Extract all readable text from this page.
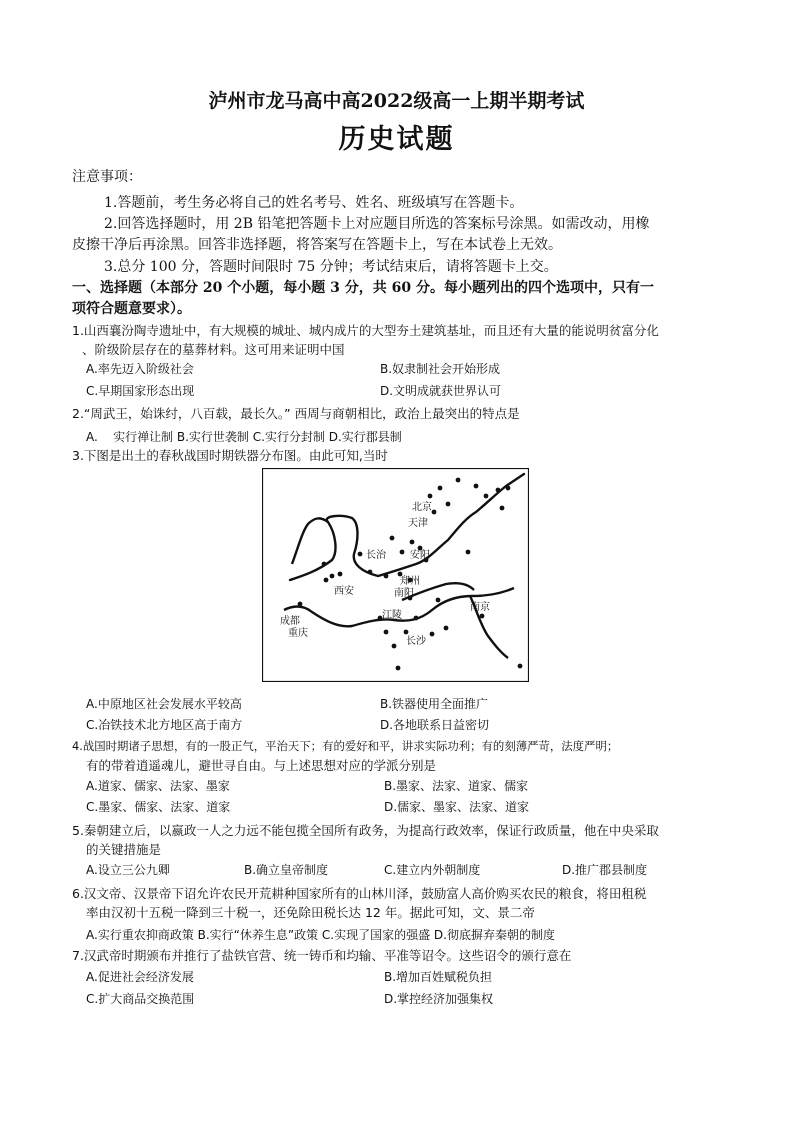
泸州市龙马高中高2022级高一上期半期考试
历史试题
注意事项：
1.答题前，考生务必将自己的姓名考号、姓名、班级填写在答题卡。
2.回答选择题时，用 2B 铅笔把答题卡上对应题目所选的答案标号涂黑。如需改动，用橡
皮擦干净后再涂黑。回答非选择题，将答案写在答题卡上，写在本试卷上无效。
3.总分 100 分，答题时间限时 75 分钟；考试结束后，请将答题卡上交。
一、选择题（本部分 20 个小题，每小题 3 分，共 60 分。每小题列出的四个选项中，只有一
项符合题意要求）。
1.山西襄汾陶寺遗址中，有大规模的城址、城内成片的大型夯土建筑基址，而且还有大量的能说明贫富分化
、阶级阶层存在的墓葬材料。这可用来证明中国
A.率先迈入阶级社会	B.奴隶制社会开始形成
C.早期国家形态出现	D.文明成就获世界认可
2.“周武王，始诛纣，八百载，最长久。” 西周与商朝相比，政治上最突出的特点是
A.    实行禅让制 B.实行世袭制 C.实行分封制 D.实行郡县制
3.下图是出土的春秋战国时期铁器分布图。由此可知,当时
北京
天津
长治 安阳
郑州
南阳
西安
成都
重庆
江陵
长沙
南京
A.中原地区社会发展水平较高	B.铁器使用全面推广
C.冶铁技术北方地区高于南方	D.各地联系日益密切
4.战国时期诸子思想，有的一股正气，平治天下；有的爱好和平，讲求实际功利；有的刻薄严苛，法度严明；
有的带着逍遥魂儿，避世寻自由。与上述思想对应的学派分别是
A.道家、儒家、法家、墨家	B.墨家、法家、道家、儒家
C.墨家、儒家、法家、道家	D.儒家、墨家、法家、道家
5.秦朝建立后，以嬴政一人之力远不能包揽全国所有政务，为提高行政效率，保证行政质量，他在中央采取
的关键措施是
A.设立三公九卿	B.确立皇帝制度	C.建立内外朝制度	D.推广郡县制度
6.汉文帝、汉景帝下诏允许农民开荒耕种国家所有的山林川泽，鼓励富人高价购买农民的粮食，将田租税
率由汉初十五税一降到三十税一，还免除田税长达 12 年。据此可知，文、景二帝
A.实行重农抑商政策 B.实行“休养生息”政策 C.实现了国家的强盛 D.彻底摒弃秦朝的制度
7.汉武帝时期颁布并推行了盐铁官营、统一铸币和均输、平准等诏令。这些诏令的颁行意在
A.促进社会经济发展	B.增加百姓赋税负担
C.扩大商品交换范围	D.掌控经济加强集权
